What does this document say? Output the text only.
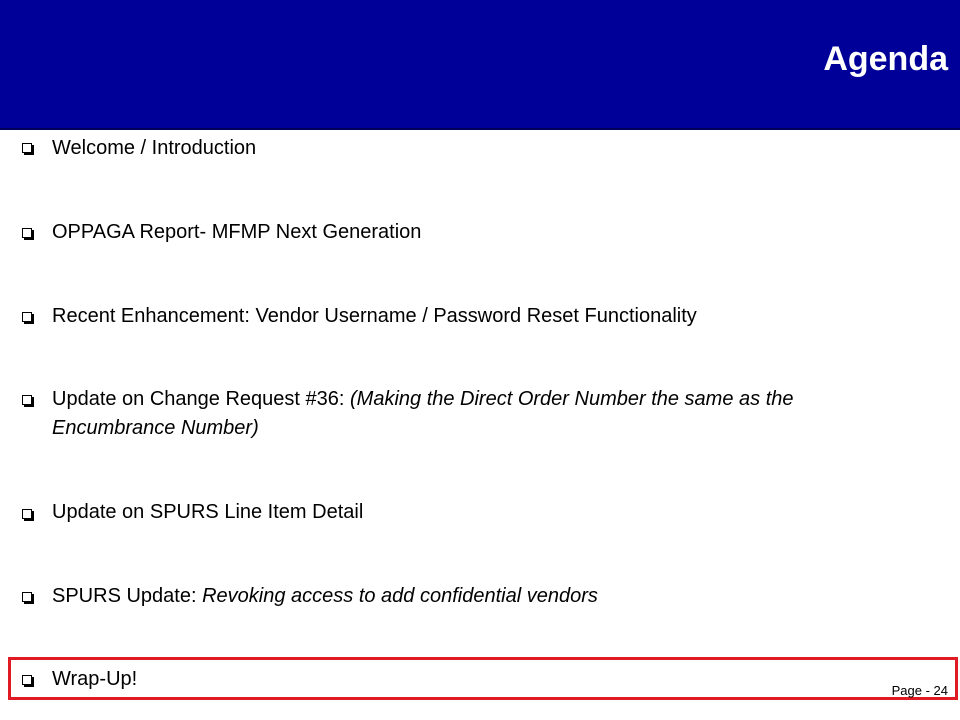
Agenda
Welcome / Introduction
OPPAGA Report- MFMP Next Generation
Recent Enhancement: Vendor Username / Password Reset Functionality
Update on Change Request #36: (Making the Direct Order Number the same as the
Encumbrance Number)
Update on SPURS Line Item Detail
SPURS Update: Revoking access to add confidential vendors
Wrap-Up!
Page - 24
